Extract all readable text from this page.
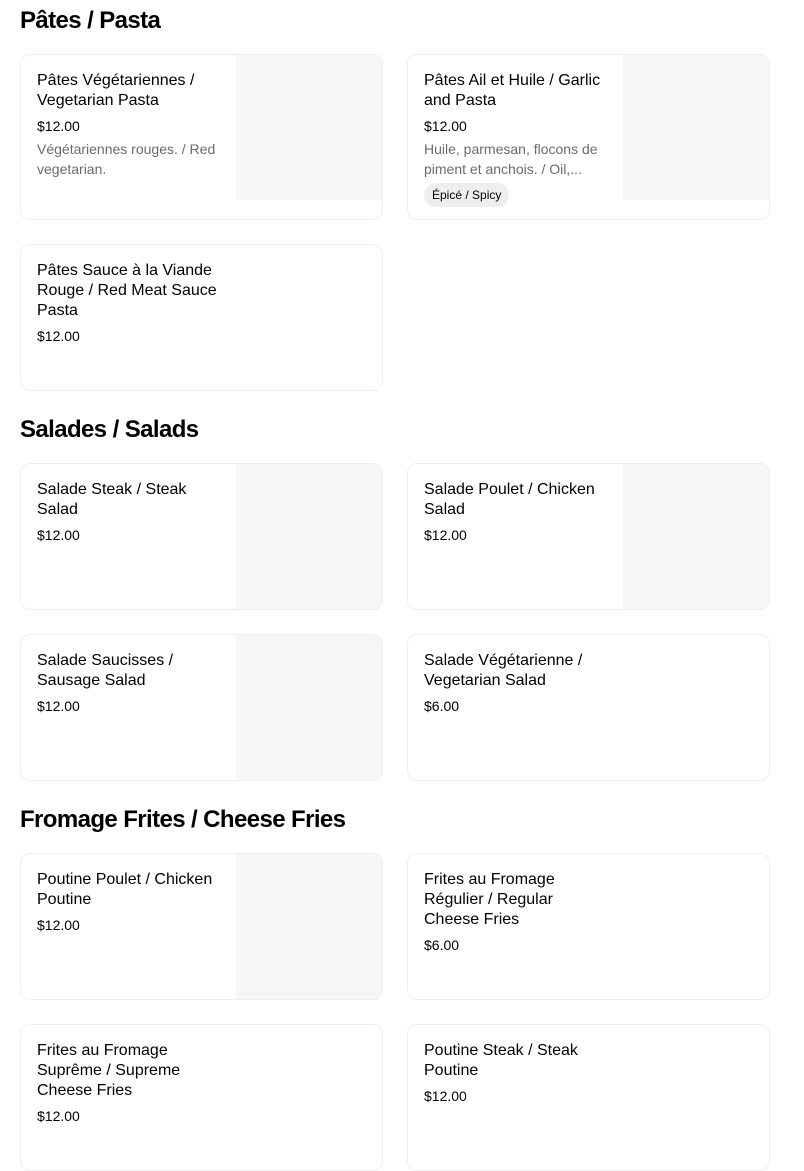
Pâtes / Pasta
Pâtes Végétariennes / Vegetarian Pasta
$12.00
Végétariennes rouges. / Red vegetarian.
Pâtes Ail et Huile / Garlic and Pasta
$12.00
Huile, parmesan, flocons de piment et anchois. / Oil,...
Épicé / Spicy
Pâtes Sauce à la Viande Rouge / Red Meat Sauce Pasta
$12.00
Salades / Salads
Salade Steak / Steak Salad
$12.00
Salade Poulet / Chicken Salad
$12.00
Salade Saucisses / Sausage Salad
$12.00
Salade Végétarienne / Vegetarian Salad
$6.00
Fromage Frites / Cheese Fries
Poutine Poulet / Chicken Poutine
$12.00
Frites au Fromage Régulier / Regular Cheese Fries
$6.00
Frites au Fromage Suprême / Supreme Cheese Fries
$12.00
Poutine Steak / Steak Poutine
$12.00
